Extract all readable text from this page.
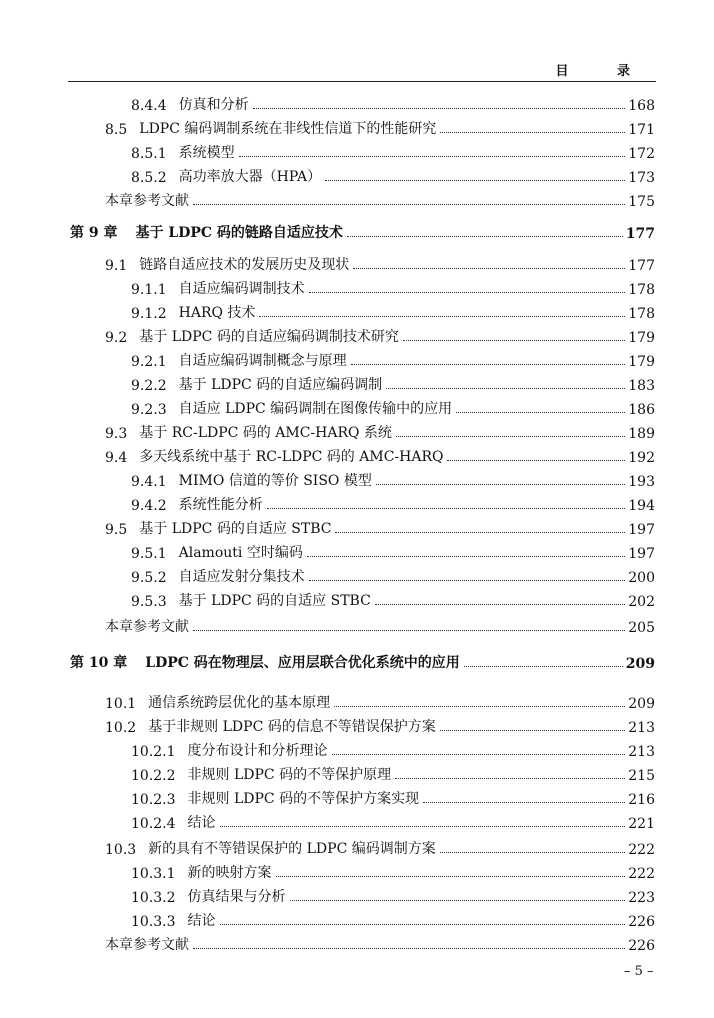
目 录
8.4.4 仿真和分析	168
8.5 LDPC 编码调制系统在非线性信道下的性能研究	171
8.5.1 系统模型	172
8.5.2 高功率放大器（HPA）	173
本章参考文献	175
第 9 章 基于 LDPC 码的链路自适应技术	177
9.1 链路自适应技术的发展历史及现状	177
9.1.1 自适应编码调制技术	178
9.1.2 HARQ 技术	178
9.2 基于 LDPC 码的自适应编码调制技术研究	179
9.2.1 自适应编码调制概念与原理	179
9.2.2 基于 LDPC 码的自适应编码调制	183
9.2.3 自适应 LDPC 编码调制在图像传输中的应用	186
9.3 基于 RC-LDPC 码的 AMC-HARQ 系统	189
9.4 多天线系统中基于 RC-LDPC 码的 AMC-HARQ	192
9.4.1 MIMO 信道的等价 SISO 模型	193
9.4.2 系统性能分析	194
9.5 基于 LDPC 码的自适应 STBC	197
9.5.1 Alamouti 空时编码	197
9.5.2 自适应发射分集技术	200
9.5.3 基于 LDPC 码的自适应 STBC	202
本章参考文献	205
第 10 章 LDPC 码在物理层、应用层联合优化系统中的应用	209
10.1 通信系统跨层优化的基本原理	209
10.2 基于非规则 LDPC 码的信息不等错误保护方案	213
10.2.1 度分布设计和分析理论	213
10.2.2 非规则 LDPC 码的不等保护原理	215
10.2.3 非规则 LDPC 码的不等保护方案实现	216
10.2.4 结论	221
10.3 新的具有不等错误保护的 LDPC 编码调制方案	222
10.3.1 新的映射方案	222
10.3.2 仿真结果与分析	223
10.3.3 结论	226
本章参考文献	226
– 5 –
